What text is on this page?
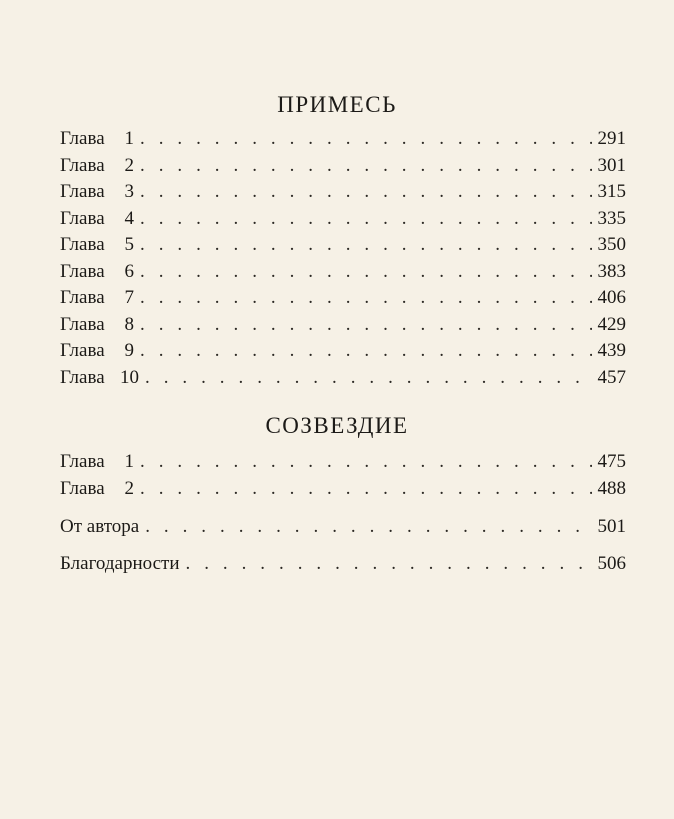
ПРИМЕСЬ
Глава 1 . . .	291
Глава 2 . . .	301
Глава 3 . . .	315
Глава 4 . . .	335
Глава 5 . . .	350
Глава 6 . . .	383
Глава 7 . . .	406
Глава 8 . . .	429
Глава 9 . . .	439
Глава 10 . . .	457
СОЗВЕЗДИЕ
Глава 1 . . .	475
Глава 2 . . .	488
От автора . . .	501
Благодарности . . .	506
